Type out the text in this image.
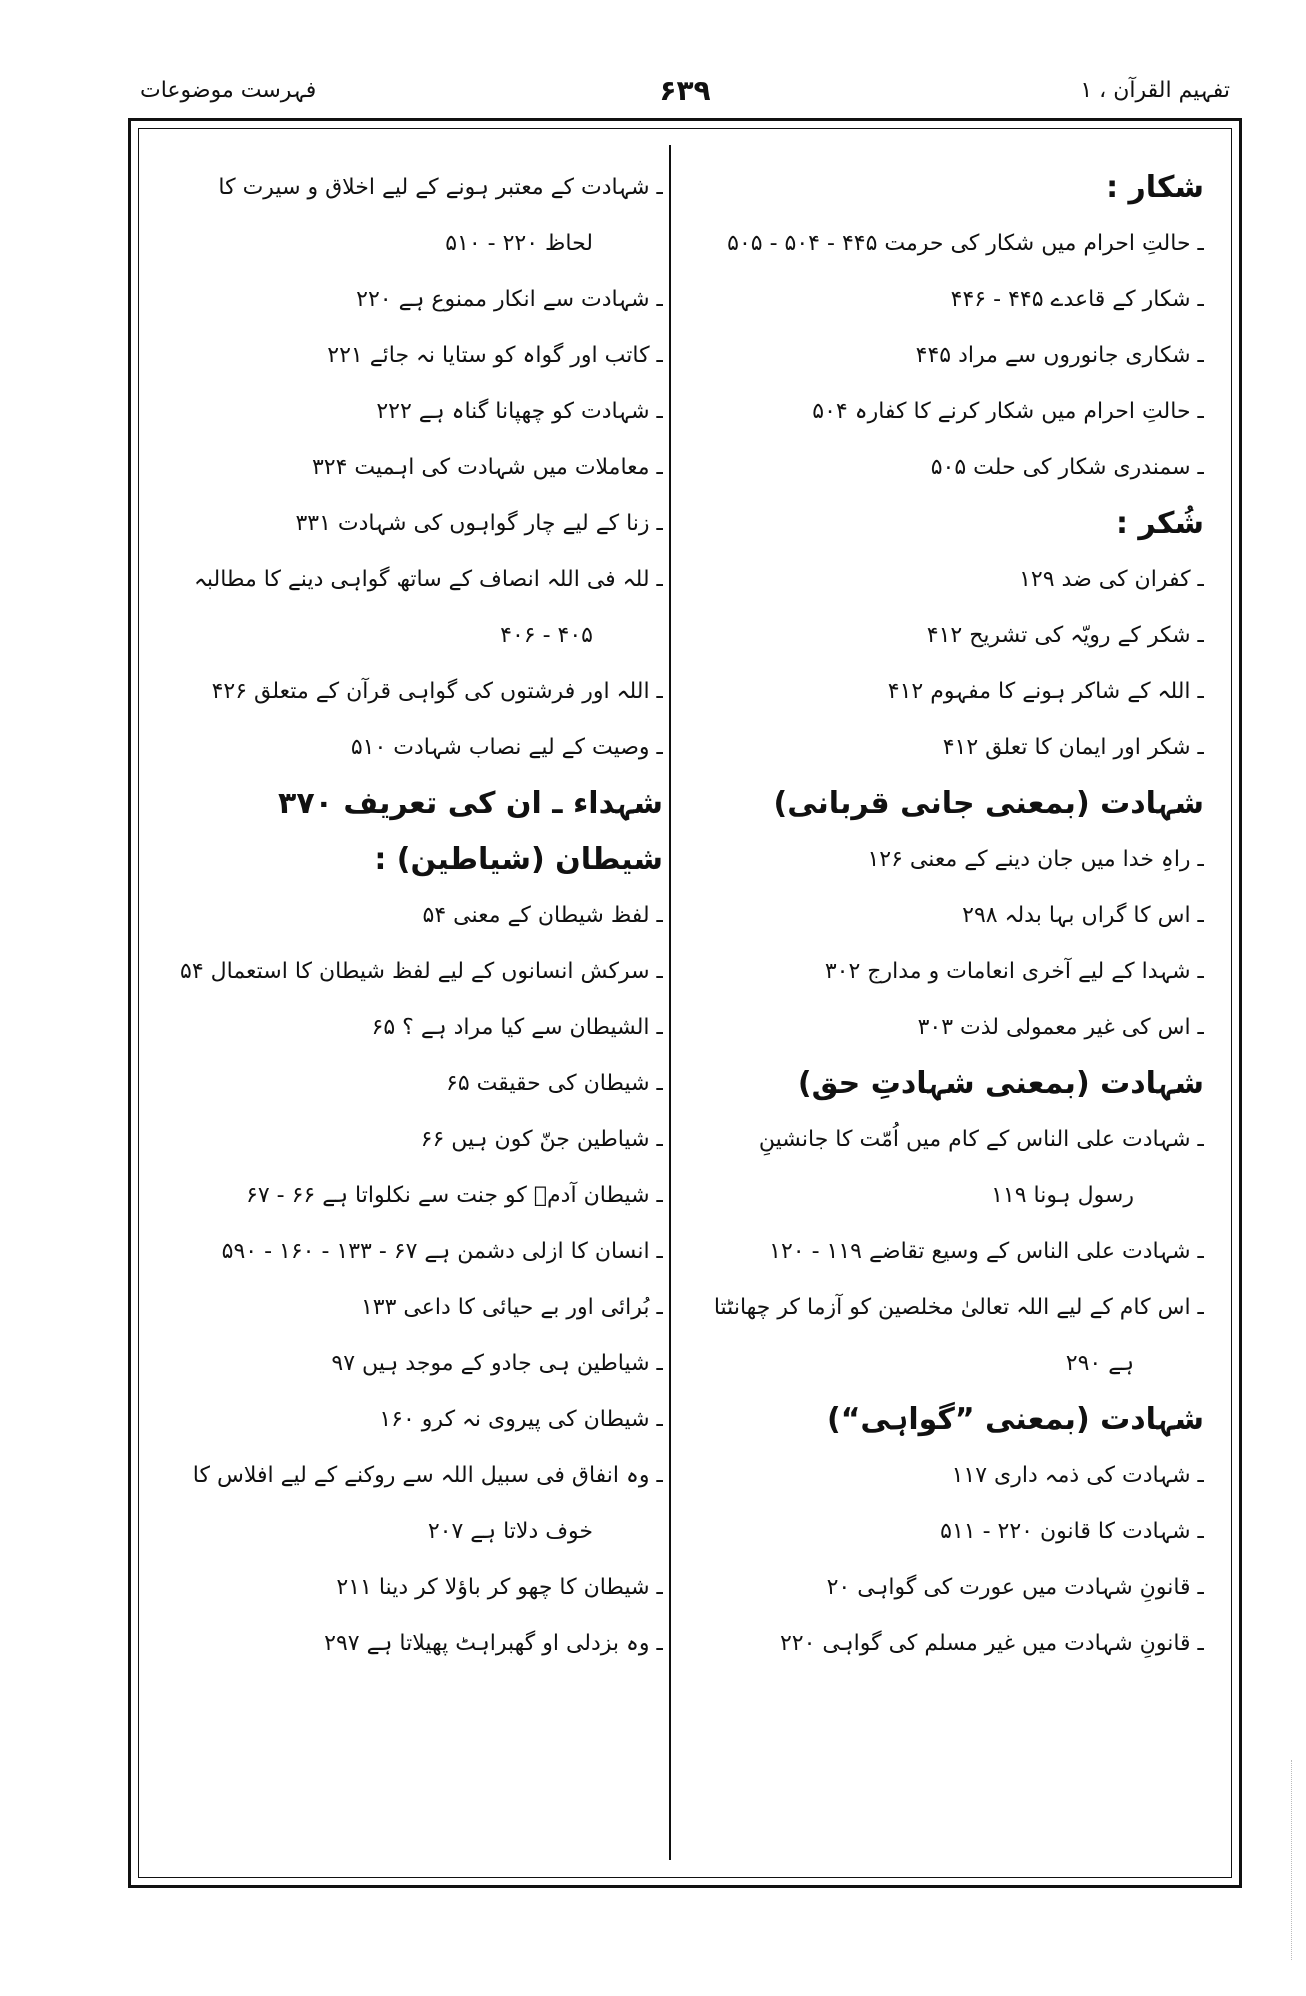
تفہیم القرآن ، ۱
۶۳۹
فہرست موضوعات
شکار :
ـ حالتِ احرام میں شکار کی حرمت ۴۴۵ - ۵۰۴ - ۵۰۵
ـ شکار کے قاعدے ۴۴۵ - ۴۴۶
ـ شکاری جانوروں سے مراد ۴۴۵
ـ حالتِ احرام میں شکار کرنے کا کفارہ ۵۰۴
ـ سمندری شکار کی حلت ۵۰۵
شُکر :
ـ کفران کی ضد ۱۲۹
ـ شکر کے رویّہ کی تشریح ۴۱۲
ـ اللہ کے شاکر ہونے کا مفہوم ۴۱۲
ـ شکر اور ایمان کا تعلق ۴۱۲
شہادت (بمعنی جانی قربانی)
ـ راہِ خدا میں جان دینے کے معنی ۱۲۶
ـ اس کا گراں بہا بدلہ ۲۹۸
ـ شہدا کے لیے آخری انعامات و مدارج ۳۰۲
ـ اس کی غیر معمولی لذت ۳۰۳
شہادت (بمعنی شہادتِ حق)
ـ شہادت علی الناس کے کام میں اُمّت کا جانشینِ
رسول ہونا ۱۱۹
ـ شہادت علی الناس کے وسیع تقاضے ۱۱۹ - ۱۲۰
ـ اس کام کے لیے اللہ تعالیٰ مخلصین کو آزما کر چھانٹتا
ہے ۲۹۰
شہادت (بمعنی ”گواہی“)
ـ شہادت کی ذمہ داری ۱۱۷
ـ شہادت کا قانون ۲۲۰ - ۵۱۱
ـ قانونِ شہادت میں عورت کی گواہی ۲۰
ـ قانونِ شہادت میں غیر مسلم کی گواہی ۲۲۰
ـ شہادت کے معتبر ہونے کے لیے اخلاق و سیرت کا
لحاظ ۲۲۰ - ۵۱۰
ـ شہادت سے انکار ممنوع ہے ۲۲۰
ـ کاتب اور گواہ کو ستایا نہ جائے ۲۲۱
ـ شہادت کو چھپانا گناہ ہے ۲۲۲
ـ معاملات میں شہادت کی اہمیت ۳۲۴
ـ زنا کے لیے چار گواہوں کی شہادت ۳۳۱
ـ للہ فی اللہ انصاف کے ساتھ گواہی دینے کا مطالبہ
۴۰۵ - ۴۰۶
ـ اللہ اور فرشتوں کی گواہی قرآن کے متعلق ۴۲۶
ـ وصیت کے لیے نصاب شہادت ۵۱۰
شہداء ـ ان کی تعریف ۳۷۰
شیطان (شیاطین) :
ـ لفظ شیطان کے معنی ۵۴
ـ سرکش انسانوں کے لیے لفظ شیطان کا استعمال ۵۴
ـ الشیطان سے کیا مراد ہے ؟ ۶۵
ـ شیطان کی حقیقت ۶۵
ـ شیاطین جنّ کون ہیں ۶۶
ـ شیطان آدمؑ کو جنت سے نکلواتا ہے ۶۶ - ۶۷
ـ انسان کا ازلی دشمن ہے ۶۷ - ۱۳۳ - ۱۶۰ - ۵۹۰
ـ بُرائی اور بے حیائی کا داعی ۱۳۳
ـ شیاطین ہی جادو کے موجد ہیں ۹۷
ـ شیطان کی پیروی نہ کرو ۱۶۰
ـ وہ انفاق فی سبیل اللہ سے روکنے کے لیے افلاس کا
خوف دلاتا ہے ۲۰۷
ـ شیطان کا چھو کر باؤلا کر دینا ۲۱۱
ـ وہ بزدلی او گھبراہٹ پھیلاتا ہے ۲۹۷
